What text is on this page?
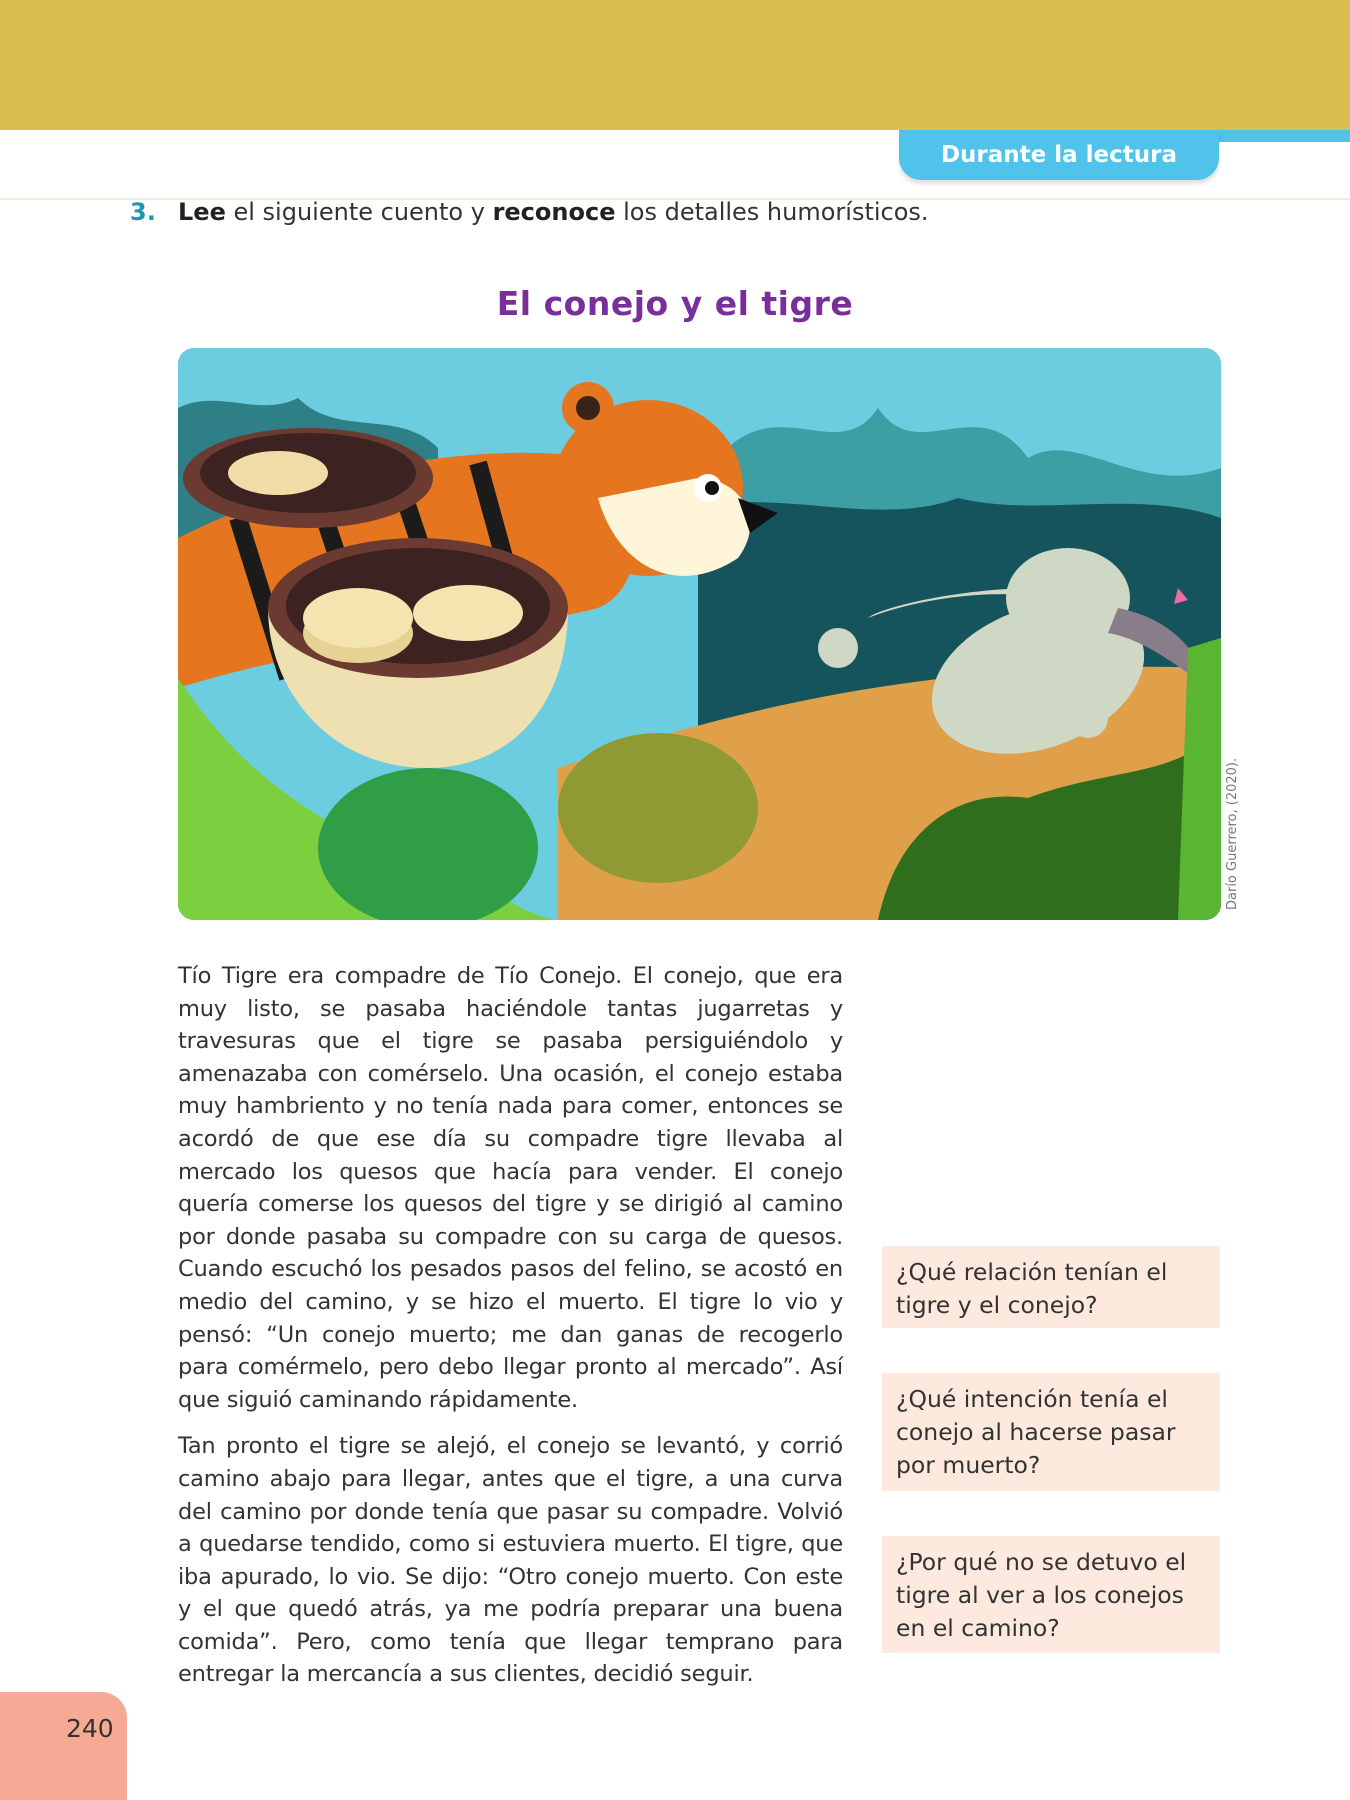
Durante la lectura
3. Lee el siguiente cuento y reconoce los detalles humorísticos.
El conejo y el tigre
Darío Guerrero, (2020).

Tío Tigre era compadre de Tío Conejo. El conejo, que era muy listo, se pasaba haciéndole tantas jugarretas y travesuras que el tigre se pasaba persiguiéndolo y amenazaba con comérselo. Una ocasión, el conejo estaba muy hambriento y no tenía nada para comer, entonces se acordó de que ese día su compadre tigre llevaba al mercado los quesos que hacía para vender. El conejo quería comerse los quesos del tigre y se dirigió al camino por donde pasaba su compadre con su carga de quesos. Cuando escuchó los pesados pasos del felino, se acostó en medio del camino, y se hizo el muerto. El tigre lo vio y pensó: “Un conejo muerto; me dan ganas de recogerlo para comérmelo, pero debo llegar pronto al mercado”. Así que siguió caminando rápidamente.

Tan pronto el tigre se alejó, el conejo se levantó, y corrió camino abajo para llegar, antes que el tigre, a una curva del camino por donde tenía que pasar su compadre. Volvió a quedarse tendido, como si estuviera muerto. El tigre, que iba apurado, lo vio. Se dijo: “Otro conejo muerto. Con este y el que quedó atrás, ya me podría preparar una buena comida”. Pero, como tenía que llegar temprano para entregar la mercancía a sus clientes, decidió seguir.

¿Qué relación tenían el tigre y el conejo?
¿Qué intención tenía el conejo al hacerse pasar por muerto?
¿Por qué no se detuvo el tigre al ver a los conejos en el camino?
240
